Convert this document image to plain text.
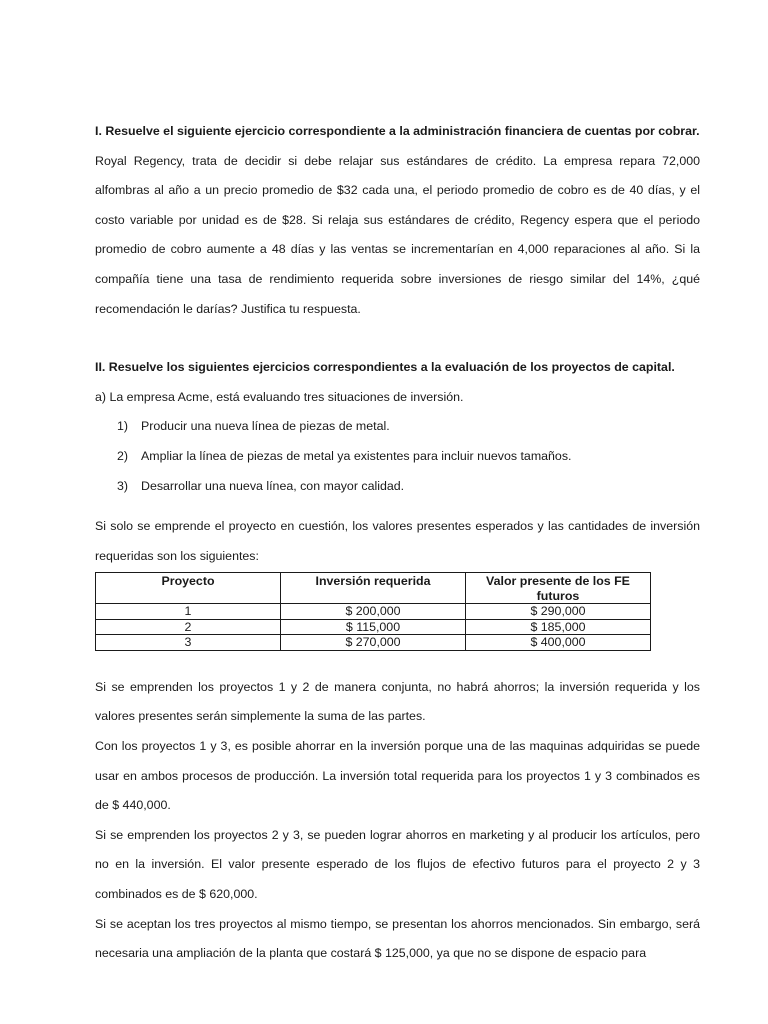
I. Resuelve el siguiente ejercicio correspondiente a la administración financiera de cuentas por cobrar.

Royal Regency, trata de decidir si debe relajar sus estándares de crédito. La empresa repara 72,000 alfombras al año a un precio promedio de $32 cada una, el periodo promedio de cobro es de 40 días, y el costo variable por unidad es de $28. Si relaja sus estándares de crédito, Regency espera que el periodo promedio de cobro aumente a 48 días y las ventas se incrementarían en 4,000 reparaciones al año. Si la compañía tiene una tasa de rendimiento requerida sobre inversiones de riesgo similar del 14%, ¿qué recomendación le darías? Justifica tu respuesta.

II. Resuelve los siguientes ejercicios correspondientes a la evaluación de los proyectos de capital.

a) La empresa Acme, está evaluando tres situaciones de inversión.

1) Producir una nueva línea de piezas de metal.
2) Ampliar la línea de piezas de metal ya existentes para incluir nuevos tamaños.
3) Desarrollar una nueva línea, con mayor calidad.

Si solo se emprende el proyecto en cuestión, los valores presentes esperados y las cantidades de inversión requeridas son los siguientes:

Proyecto	Inversión requerida	Valor presente de los FE futuros
1	$ 200,000	$ 290,000
2	$ 115,000	$ 185,000
3	$ 270,000	$ 400,000

Si se emprenden los proyectos 1 y 2 de manera conjunta, no habrá ahorros; la inversión requerida y los valores presentes serán simplemente la suma de las partes.

Con los proyectos 1 y 3, es posible ahorrar en la inversión porque una de las maquinas adquiridas se puede usar en ambos procesos de producción. La inversión total requerida para los proyectos 1 y 3 combinados es de $ 440,000.

Si se emprenden los proyectos 2 y 3, se pueden lograr ahorros en marketing y al producir los artículos, pero no en la inversión. El valor presente esperado de los flujos de efectivo futuros para el proyecto 2 y 3 combinados es de $ 620,000.

Si se aceptan los tres proyectos al mismo tiempo, se presentan los ahorros mencionados. Sin embargo, será necesaria una ampliación de la planta que costará $ 125,000, ya que no se dispone de espacio para
